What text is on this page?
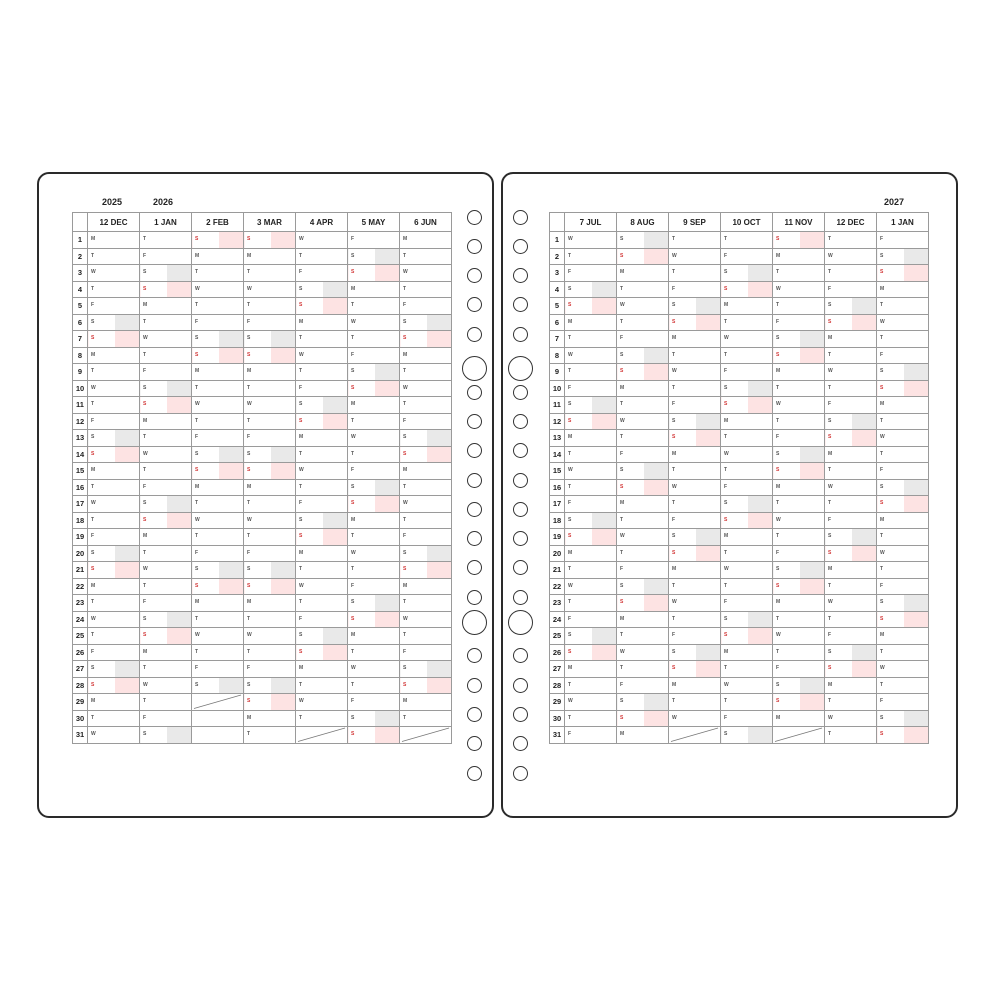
2025	2026
	12 DEC	1 JAN	2 FEB	3 MAR	4 APR	5 MAY	6 JUN
1	M	T	S	S	W	F	M

2	T	F	M	M	T	S	T

3	W	S	T	T	F	S	W

4	T	S	W	W	S	M	T

5	F	M	T	T	S	T	F

6	S	T	F	F	M	W	S

7	S	W	S	S	T	T	S

8	M	T	S	S	W	F	M

9	T	F	M	M	T	S	T

10	W	S	T	T	F	S	W

11	T	S	W	W	S	M	T

12	F	M	T	T	S	T	F

13	S	T	F	F	M	W	S

14	S	W	S	S	T	T	S

15	M	T	S	S	W	F	M

16	T	F	M	M	T	S	T

17	W	S	T	T	F	S	W

18	T	S	W	W	S	M	T

19	F	M	T	T	S	T	F

20	S	T	F	F	M	W	S

21	S	W	S	S	T	T	S

22	M	T	S	S	W	F	M

23	T	F	M	M	T	S	T

24	W	S	T	T	F	S	W

25	T	S	W	W	S	M	T

26	F	M	T	T	S	T	F

27	S	T	F	F	M	W	S

28	S	W	S	S	T	T	S

29	M	T		S	W	F	M

30	T	F		M	T	S	T

31	W	S		T		S

2027
	7 JUL	8 AUG	9 SEP	10 OCT	11 NOV	12 DEC	1 JAN
1	W	S	T	T	S	T	F

2	T	S	W	F	M	W	S

3	F	M	T	S	T	T	S

4	S	T	F	S	W	F	M

5	S	W	S	M	T	S	T

6	M	T	S	T	F	S	W

7	T	F	M	W	S	M	T

8	W	S	T	T	S	T	F

9	T	S	W	F	M	W	S

10	F	M	T	S	T	T	S

11	S	T	F	S	W	F	M

12	S	W	S	M	T	S	T

13	M	T	S	T	F	S	W

14	T	F	M	W	S	M	T

15	W	S	T	T	S	T	F

16	T	S	W	F	M	W	S

17	F	M	T	S	T	T	S

18	S	T	F	S	W	F	M

19	S	W	S	M	T	S	T

20	M	T	S	T	F	S	W

21	T	F	M	W	S	M	T

22	W	S	T	T	S	T	F

23	T	S	W	F	M	W	S

24	F	M	T	S	T	T	S

25	S	T	F	S	W	F	M

26	S	W	S	M	T	S	T

27	M	T	S	T	F	S	W

28	T	F	M	W	S	M	T

29	W	S	T	T	S	T	F

30	T	S	W	F	M	W	S

31	F	M		S		T	S
